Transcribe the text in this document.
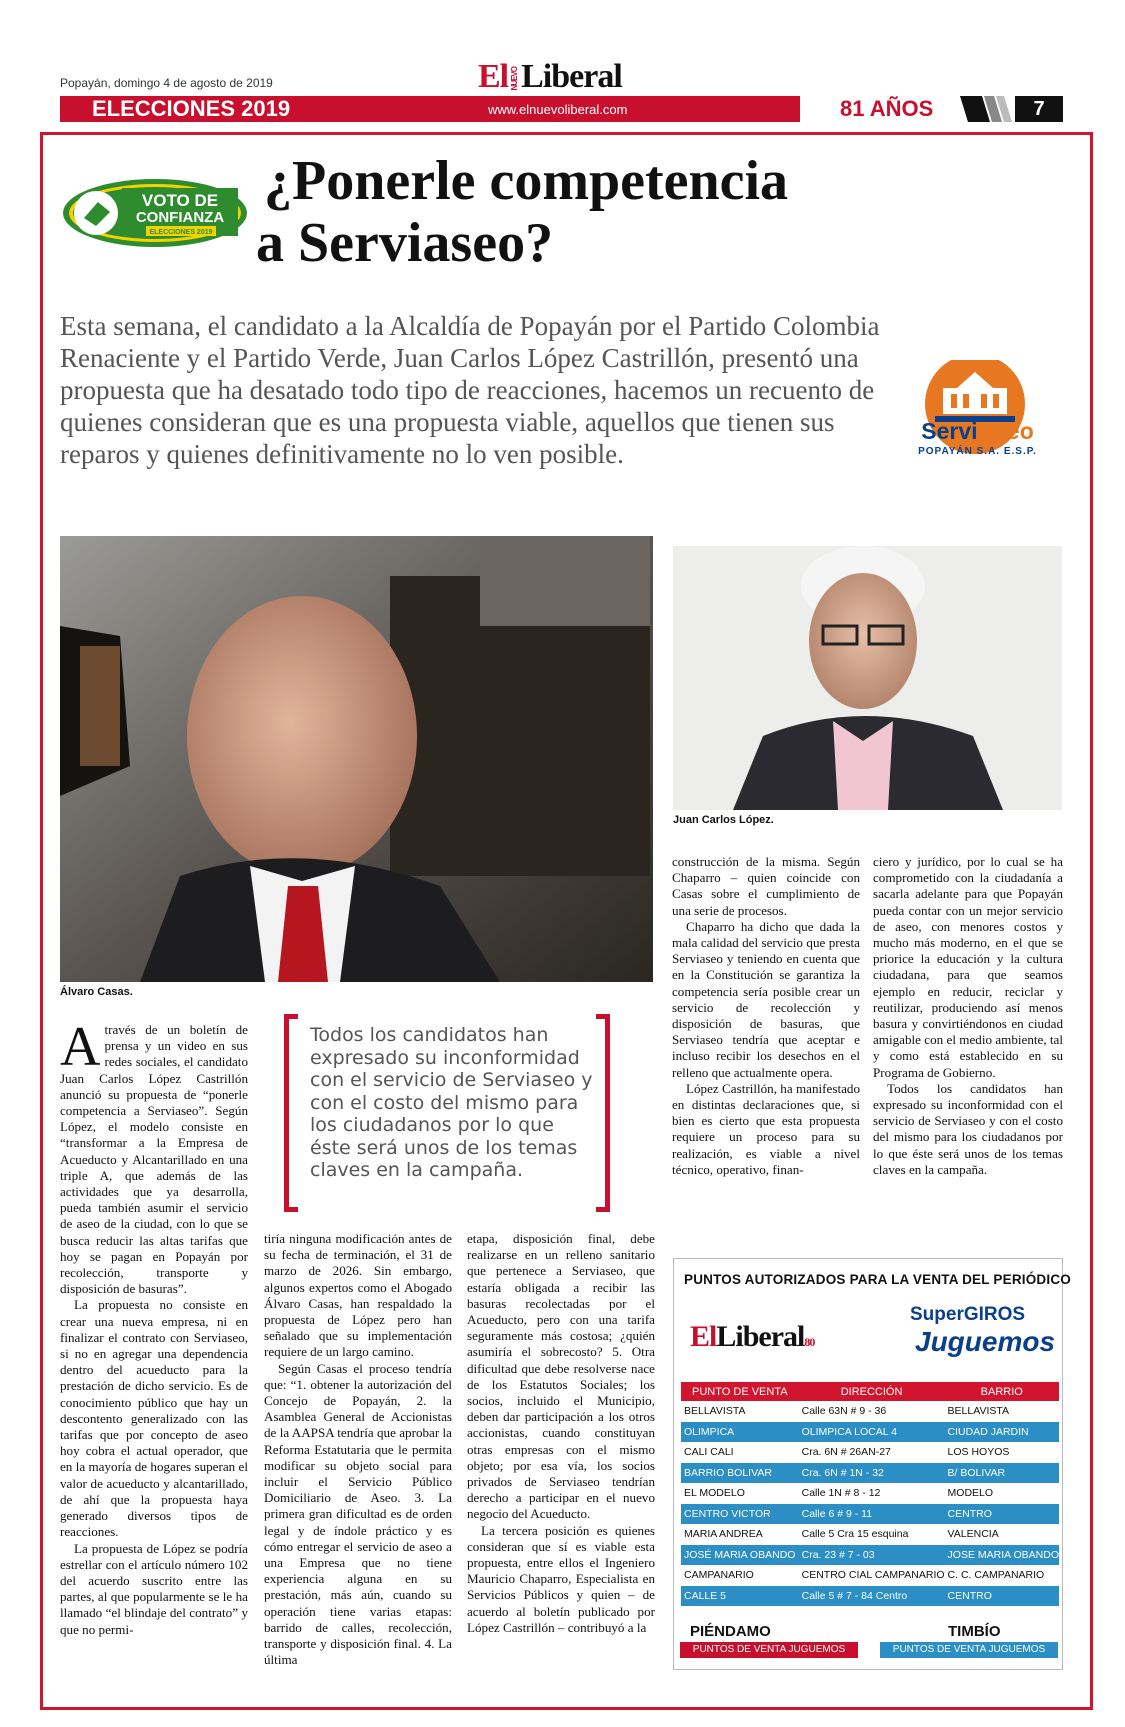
Popayán, domingo 4 de agosto de 2019	El NUEVOLiberal
ELECCIONES 2019	www.elnuevoliberal.com	81 AÑOS	7
VOTO DE
CONFIANZA
ELECCIONES 2019
¿Ponerle competencia
a Serviaseo?
Esta semana, el candidato a la Alcaldía de Popayán por el Partido Colombia Renaciente y el Partido Verde, Juan Carlos López Castrillón, presentó una propuesta que ha desatado todo tipo de reacciones, hacemos un recuento de quienes consideran que es una propuesta viable, aquellos que tienen sus reparos y quienes definitivamente no lo ven posible.
ServiAseo
POPAYÁN S.A. E.S.P.
Álvaro Casas.
Juan Carlos López.

Através de un boletín de prensa y un video en sus redes sociales, el candidato Juan Carlos López Castrillón anunció su propuesta de “ponerle competencia a Serviaseo”. Según López, el modelo consiste en “transformar a la Empresa de Acueducto y Alcantarillado en una triple A, que además de las actividades que ya desarrolla, pueda también asumir el servicio de aseo de la ciudad, con lo que se busca reducir las altas tarifas que hoy se pagan en Popayán por recolección, transporte y disposición de basuras”.

La propuesta no consiste en crear una nueva empresa, ni en finalizar el contrato con Serviaseo, si no en agregar una dependencia dentro del acueducto para la prestación de dicho servicio. Es de conocimiento público que hay un descontento generalizado con las tarifas que por concepto de aseo hoy cobra el actual operador, que en la mayoría de hogares superan el valor de acueducto y alcantarillado, de ahí que la propuesta haya generado diversos tipos de reacciones.

La propuesta de López se podría estrellar con el artículo número 102 del acuerdo suscrito entre las partes, al que popularmente se le ha llamado “el blindaje del contrato” y que no permi-

Todos los candidatos han expresado su inconformidad con el servicio de Serviaseo y con el costo del mismo para los ciudadanos por lo que éste será unos de los temas claves en la campaña.

tiría ninguna modificación antes de su fecha de terminación, el 31 de marzo de 2026. Sin embargo, algunos expertos como el Abogado Álvaro Casas, han respaldado la propuesta de López pero han señalado que su implementación requiere de un largo camino.

Según Casas el proceso tendría que: “1. obtener la autorización del Concejo de Popayán, 2. la Asamblea General de Accionistas de la AAPSA tendría que aprobar la Reforma Estatutaria que le permita modificar su objeto social para incluir el Servicio Público Domiciliario de Aseo. 3. La primera gran dificultad es de orden legal y de índole práctico y es cómo entregar el servicio de aseo a una Empresa que no tiene experiencia alguna en su prestación, más aún, cuando su operación tiene varias etapas: barrido de calles, recolección, transporte y disposición final. 4. La última

etapa, disposición final, debe realizarse en un relleno sanitario que pertenece a Serviaseo, que estaría obligada a recibir las basuras recolectadas por el Acueducto, pero con una tarifa seguramente más costosa; ¿quién asumiría el sobrecosto? 5. Otra dificultad que debe resolverse nace de los Estatutos Sociales; los socios, incluido el Municipio, deben dar participación a los otros accionistas, cuando constituyan otras empresas con el mismo objeto; por esa vía, los socios privados de Serviaseo tendrían derecho a participar en el nuevo negocio del Acueducto.

La tercera posición es quienes consideran que sí es viable esta propuesta, entre ellos el Ingeniero Mauricio Chaparro, Especialista en Servicios Públicos y quien – de acuerdo al boletín publicado por López Castrillón – contribuyó a la

construcción de la misma. Según Chaparro – quien coincide con Casas sobre el cumplimiento de una serie de procesos.

Chaparro ha dicho que dada la mala calidad del servicio que presta Serviaseo y teniendo en cuenta que en la Constitución se garantiza la competencia sería posible crear un servicio de recolección y disposición de basuras, que Serviaseo tendría que aceptar e incluso recibir los desechos en el relleno que actualmente opera.

López Castrillón, ha manifestado en distintas declaraciones que, si bien es cierto que esta propuesta requiere un proceso para su realización, es viable a nivel técnico, operativo, finan-

ciero y jurídico, por lo cual se ha comprometido con la ciudadanía a sacarla adelante para que Popayán pueda contar con un mejor servicio de aseo, con menores costos y mucho más moderno, en el que se priorice la educación y la cultura ciudadana, para que seamos ejemplo en reducir, reciclar y reutilizar, produciendo así menos basura y convirtiéndonos en ciudad amigable con el medio ambiente, tal y como está establecido en su Programa de Gobierno.

Todos los candidatos han expresado su inconformidad con el servicio de Serviaseo y con el costo del mismo para los ciudadanos por lo que éste será unos de los temas claves en la campaña.

PUNTOS AUTORIZADOS PARA LA VENTA DEL PERIÓDICO
ElLiberal80
SuperGIROS
Juguemos
PUNTO DE VENTA	DIRECCIÓN	BARRIO
BELLAVISTA	Calle 63N # 9 - 36	BELLAVISTA
OLIMPICA	OLIMPICA LOCAL 4	CIUDAD JARDIN
CALI CALI	Cra. 6N # 26AN-27	LOS HOYOS
BARRIO BOLIVAR	Cra. 6N # 1N - 32	B/ BOLIVAR
EL MODELO	Calle 1N # 8 - 12	MODELO
CENTRO VICTOR	Calle 6 # 9 - 11	CENTRO
MARIA ANDREA	Calle 5 Cra 15 esquina	VALENCIA
JOSÉ MARIA OBANDO	Cra. 23 # 7 - 03	JOSE MARIA OBANDO
CAMPANARIO	CENTRO CIAL CAMPANARIO	C. C. CAMPANARIO
CALLE 5	Calle 5 # 7 - 84 Centro	CENTRO
PIÉNDAMO	TIMBÍO
PUNTOS DE VENTA JUGUEMOS	PUNTOS DE VENTA JUGUEMOS
